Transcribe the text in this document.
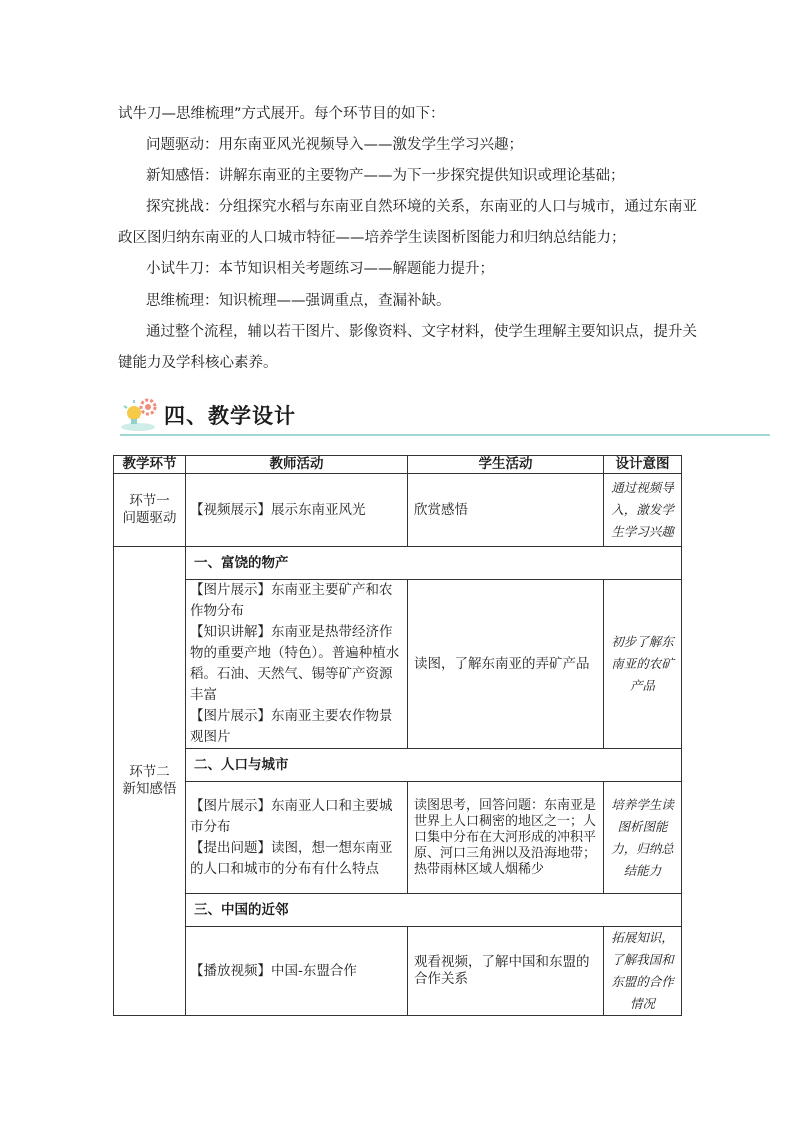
试牛刀—思维梳理”方式展开。每个环节目的如下：
问题驱动：用东南亚风光视频导入——激发学生学习兴趣；
新知感悟：讲解东南亚的主要物产——为下一步探究提供知识或理论基础；
探究挑战：分组探究水稻与东南亚自然环境的关系，东南亚的人口与城市，通过东南亚
政区图归纳东南亚的人口城市特征——培养学生读图析图能力和归纳总结能力；
小试牛刀：本节知识相关考题练习——解题能力提升；
思维梳理：知识梳理——强调重点，查漏补缺。
通过整个流程，辅以若干图片、影像资料、文字材料，使学生理解主要知识点，提升关
键能力及学科核心素养。
四、教学设计
教学环节	教师活动	学生活动	设计意图

环节一
问题驱动	【视频展示】展示东南亚风光	欣赏感悟	通过视频导入，激发学生学习兴趣

环节二
新知感悟	一、富饶的物产		
	【图片展示】东南亚主要矿产和农作物分布
【知识讲解】东南亚是热带经济作物的重要产地（特色）。普遍种植水稻。石油、天然气、锡等矿产资源丰富
【图片展示】东南亚主要农作物景观图片	读图，了解东南亚的弄矿产品	初步了解东南亚的农矿产品
	二、人口与城市		
	【图片展示】东南亚人口和主要城市分布
【提出问题】读图，想一想东南亚的人口和城市的分布有什么特点	读图思考，回答问题：东南亚是世界上人口稠密的地区之一；人口集中分布在大河形成的冲积平原、河口三角洲以及沿海地带；热带雨林区域人烟稀少	培养学生读图析图能力，归纳总结能力
	三、中国的近邻		
	【播放视频】中国-东盟合作	观看视频，了解中国和东盟的合作关系	拓展知识，了解我国和东盟的合作情况
